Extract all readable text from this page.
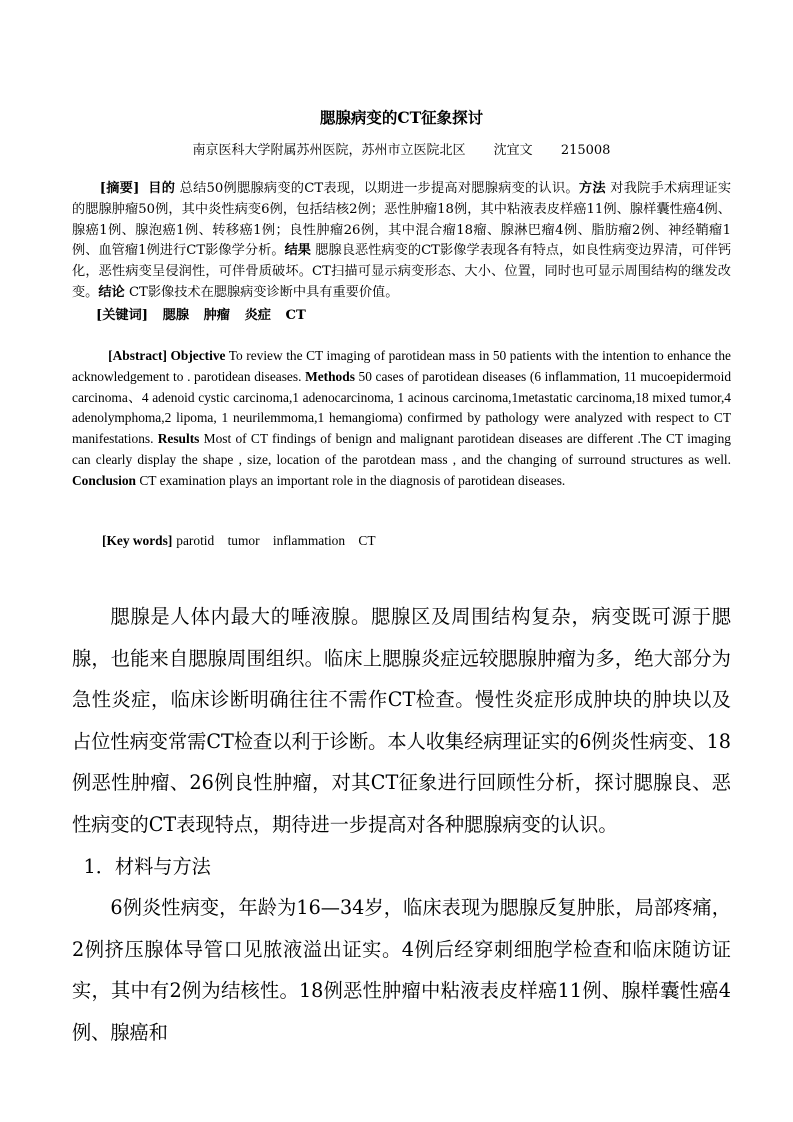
腮腺病变的CT征象探讨
南京医科大学附属苏州医院，苏州市立医院北区 沈宜文 215008
[摘要] 目的 总结50例腮腺病变的CT表现，以期进一步提高对腮腺病变的认识。方法 对我院手术病理证实的腮腺肿瘤50例，其中炎性病变6例，包括结核2例；恶性肿瘤18例，其中粘液表皮样癌11例、腺样囊性癌4例、腺癌1例、腺泡癌1例、转移癌1例；良性肿瘤26例，其中混合瘤18瘤、腺淋巴瘤4例、脂肪瘤2例、神经鞘瘤1例、血管瘤1例进行CT影像学分析。结果 腮腺良恶性病变的CT影像学表现各有特点，如良性病变边界清，可伴钙化，恶性病变呈侵润性，可伴骨质破坏。CT扫描可显示病变形态、大小、位置，同时也可显示周围结构的继发改变。结论 CT影像技术在腮腺病变诊断中具有重要价值。
[关键词] 腮腺 肿瘤 炎症 CT
[Abstract] Objective To review the CT imaging of parotidean mass in 50 patients with the intention to enhance the acknowledgement to . parotidean diseases. Methods 50 cases of parotidean diseases (6 inflammation, 11 mucoepidermoid carcinoma、4 adenoid cystic carcinoma,1 adenocarcinoma, 1 acinous carcinoma,1metastatic carcinoma,18 mixed tumor,4 adenolymphoma,2 lipoma, 1 neurilemmoma,1 hemangioma) confirmed by pathology were analyzed with respect to CT manifestations. Results Most of CT findings of benign and malignant parotidean diseases are different .The CT imaging can clearly display the shape , size, location of the parotdean mass , and the changing of surround structures as well. Conclusion CT examination plays an important role in the diagnosis of parotidean diseases.
[Key words] parotid tumor inflammation CT

腮腺是人体内最大的唾液腺。腮腺区及周围结构复杂，病变既可源于腮腺，也能来自腮腺周围组织。临床上腮腺炎症远较腮腺肿瘤为多，绝大部分为急性炎症，临床诊断明确往往不需作CT检查。慢性炎症形成肿块的肿块以及占位性病变常需CT检查以利于诊断。本人收集经病理证实的6例炎性病变、18例恶性肿瘤、26例良性肿瘤，对其CT征象进行回顾性分析，探讨腮腺良、恶性病变的CT表现特点，期待进一步提高对各种腮腺病变的认识。

1．材料与方法

6例炎性病变，年龄为16—34岁，临床表现为腮腺反复肿胀，局部疼痛，2例挤压腺体导管口见脓液溢出证实。4例后经穿刺细胞学检查和临床随访证实，其中有2例为结核性。18例恶性肿瘤中粘液表皮样癌11例、腺样囊性癌4例、腺癌和
